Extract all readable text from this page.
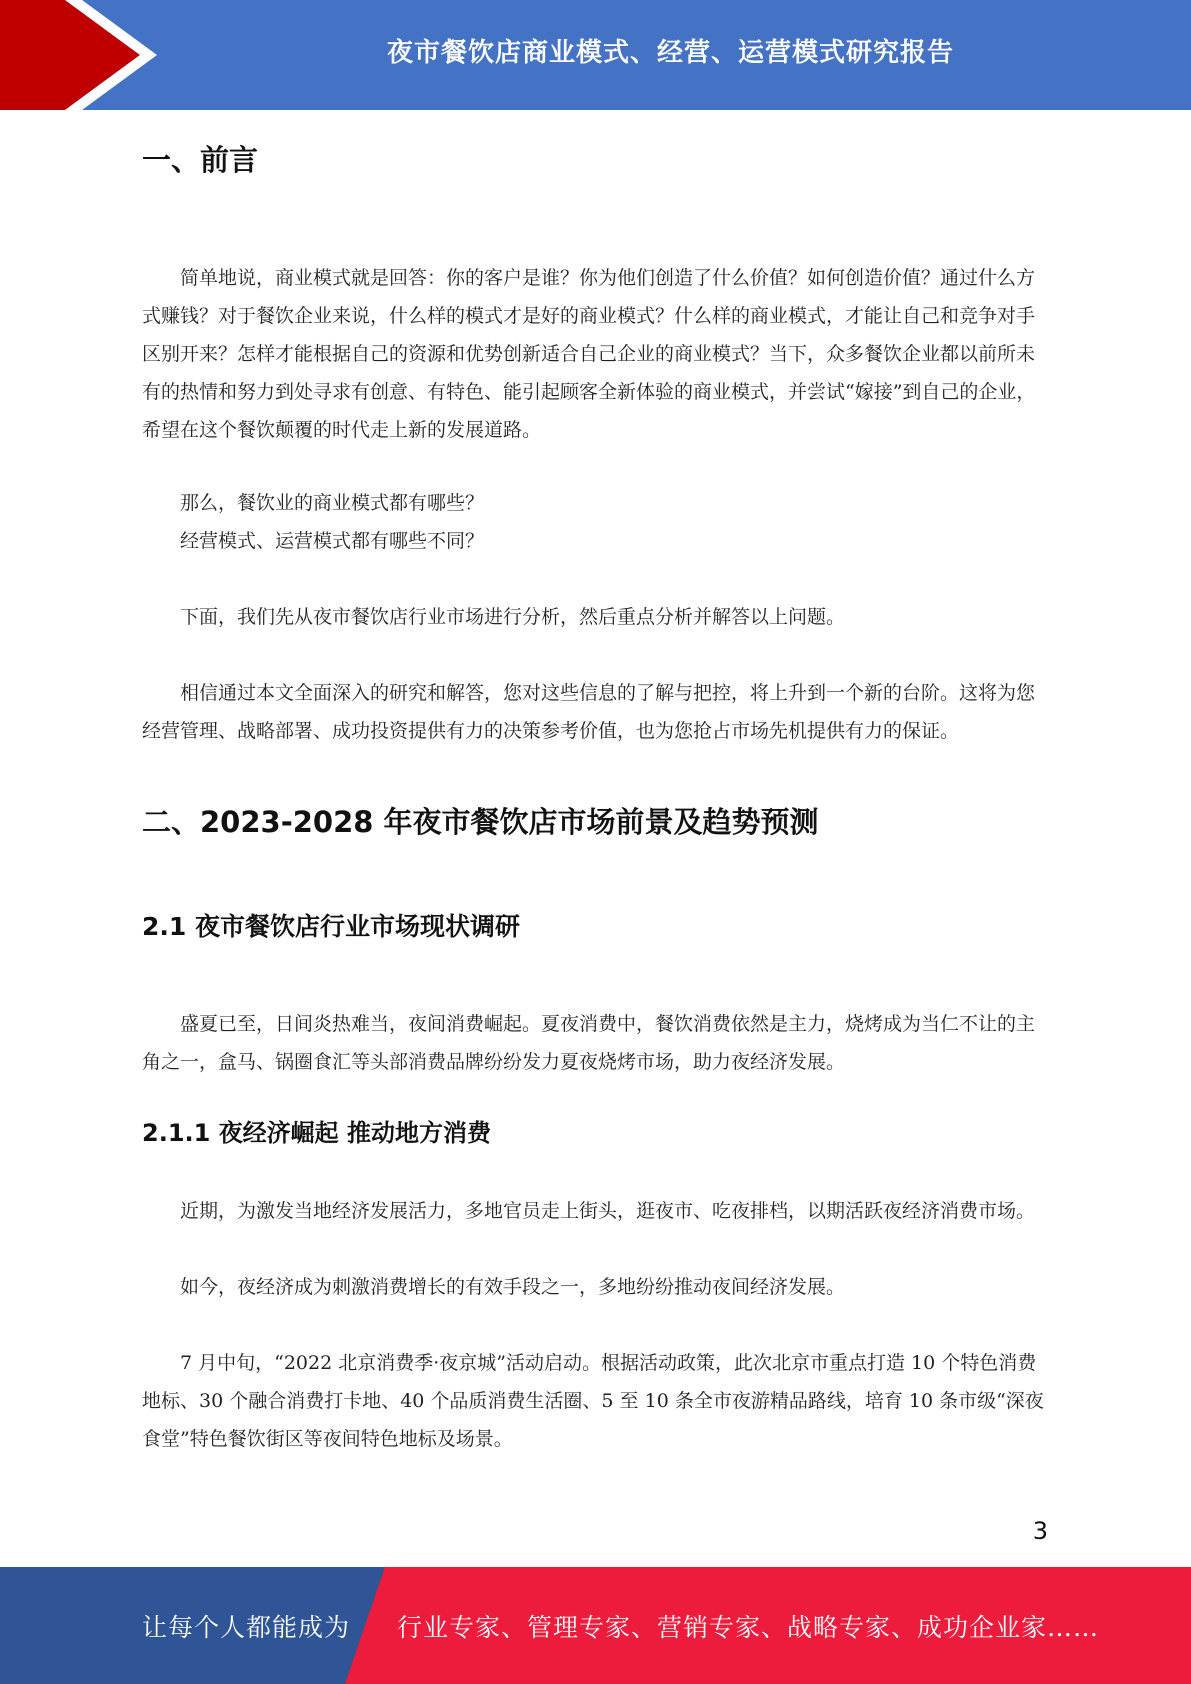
夜市餐饮店商业模式、经营、运营模式研究报告
一、前言

简单地说，商业模式就是回答：你的客户是谁？你为他们创造了什么价值？如何创造价值？通过什么方式赚钱？对于餐饮企业来说，什么样的模式才是好的商业模式？什么样的商业模式，才能让自己和竞争对手区别开来？怎样才能根据自己的资源和优势创新适合自己企业的商业模式？当下，众多餐饮企业都以前所未有的热情和努力到处寻求有创意、有特色、能引起顾客全新体验的商业模式，并尝试“嫁接”到自己的企业，希望在这个餐饮颠覆的时代走上新的发展道路。

那么，餐饮业的商业模式都有哪些？

经营模式、运营模式都有哪些不同？

下面，我们先从夜市餐饮店行业市场进行分析，然后重点分析并解答以上问题。

相信通过本文全面深入的研究和解答，您对这些信息的了解与把控，将上升到一个新的台阶。这将为您经营管理、战略部署、成功投资提供有力的决策参考价值，也为您抢占市场先机提供有力的保证。

二、2023-2028 年夜市餐饮店市场前景及趋势预测
2.1 夜市餐饮店行业市场现状调研

盛夏已至，日间炎热难当，夜间消费崛起。夏夜消费中，餐饮消费依然是主力，烧烤成为当仁不让的主角之一，盒马、锅圈食汇等头部消费品牌纷纷发力夏夜烧烤市场，助力夜经济发展。

2.1.1 夜经济崛起 推动地方消费

近期，为激发当地经济发展活力，多地官员走上街头，逛夜市、吃夜排档，以期活跃夜经济消费市场。

如今，夜经济成为刺激消费增长的有效手段之一，多地纷纷推动夜间经济发展。

7 月中旬，“2022 北京消费季·夜京城”活动启动。根据活动政策，此次北京市重点打造 10 个特色消费地标、30 个融合消费打卡地、40 个品质消费生活圈、5 至 10 条全市夜游精品路线，培育 10 条市级“深夜食堂”特色餐饮街区等夜间特色地标及场景。

3
让每个人都能成为 行业专家、管理专家、营销专家、战略专家、成功企业家……
